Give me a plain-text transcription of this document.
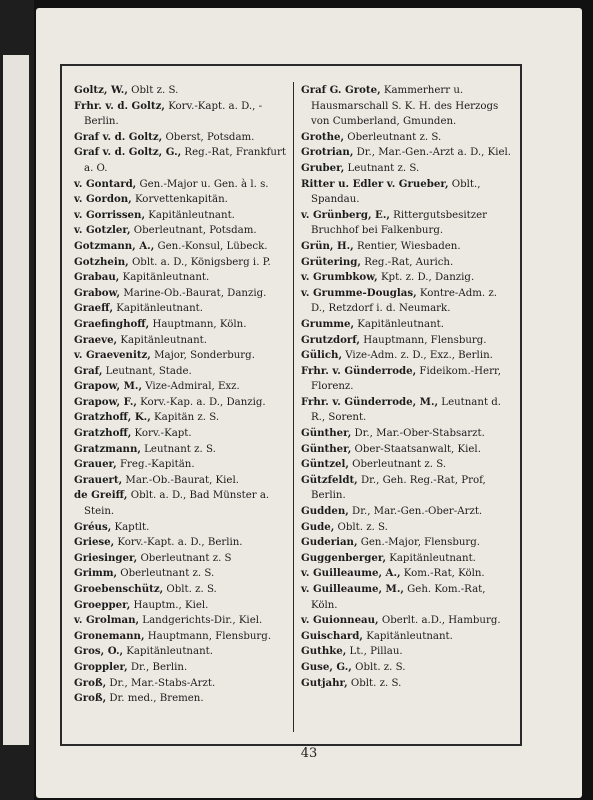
Goltz, W., Oblt z. S.

Frhr. v. d. Goltz, Korv.-Kapt. a. D., - Berlin.

Graf v. d. Goltz, Oberst, Potsdam.

Graf v. d. Goltz, G., Reg.-Rat, Frankfurt a. O.

v. Gontard, Gen.-Major u. Gen. à l. s.

v. Gordon, Korvettenkapitän.

v. Gorrissen, Kapitänleutnant.

v. Gotzler, Oberleutnant, Potsdam.

Gotzmann, A., Gen.-Konsul, Lübeck.

Gotzhein, Oblt. a. D., Königsberg i. P.

Grabau, Kapitänleutnant.

Grabow, Marine-Ob.-Baurat, Danzig.

Graeff, Kapitänleutnant.

Graefinghoff, Hauptmann, Köln.

Graeve, Kapitänleutnant.

v. Graevenitz, Major, Sonderburg.

Graf, Leutnant, Stade.

Grapow, M., Vize-Admiral, Exz.

Grapow, F., Korv.-Kap. a. D., Danzig.

Gratzhoff, K., Kapitän z. S.

Gratzhoff, Korv.-Kapt.

Gratzmann, Leutnant z. S.

Grauer, Freg.-Kapitän.

Grauert, Mar.-Ob.-Baurat, Kiel.

de Greiff, Oblt. a. D., Bad Münster a. Stein.

Gréus, Kaptlt.

Griese, Korv.-Kapt. a. D., Berlin.

Griesinger, Oberleutnant z. S

Grimm, Oberleutnant z. S.

Groebenschütz, Oblt. z. S.

Groepper, Hauptm., Kiel.

v. Grolman, Landgerichts-Dir., Kiel.

Gronemann, Hauptmann, Flensburg.

Gros, O., Kapitänleutnant.

Groppler, Dr., Berlin.

Groß, Dr., Mar.-Stabs-Arzt.

Groß, Dr. med., Bremen.

Graf G. Grote, Kammerherr u. Hausmarschall S. K. H. des Herzogs von Cumberland, Gmunden.

Grothe, Oberleutnant z. S.

Grotrian, Dr., Mar.-Gen.-Arzt a. D., Kiel.

Gruber, Leutnant z. S.

Ritter u. Edler v. Grueber, Oblt., Spandau.

v. Grünberg, E., Rittergutsbesitzer Bruchhof bei Falkenburg.

Grün, H., Rentier, Wiesbaden.

Grütering, Reg.-Rat, Aurich.

v. Grumbkow, Kpt. z. D., Danzig.

v. Grumme-Douglas, Kontre-Adm. z. D., Retzdorf i. d. Neumark.

Grumme, Kapitänleutnant.

Grutzdorf, Hauptmann, Flensburg.

Gülich, Vize-Adm. z. D., Exz., Berlin.

Frhr. v. Günderrode, Fideikom.-Herr, Florenz.

Frhr. v. Günderrode, M., Leutnant d. R., Sorent.

Günther, Dr., Mar.-Ober-Stabsarzt.

Günther, Ober-Staatsanwalt, Kiel.

Güntzel, Oberleutnant z. S.

Gützfeldt, Dr., Geh. Reg.-Rat, Prof, Berlin.

Gudden, Dr., Mar.-Gen.-Ober-Arzt.

Gude, Oblt. z. S.

Guderian, Gen.-Major, Flensburg.

Guggenberger, Kapitänleutnant.

v. Guilleaume, A., Kom.-Rat, Köln.

v. Guilleaume, M., Geh. Kom.-Rat, Köln.

v. Guionneau, Oberlt. a.D., Hamburg.

Guischard, Kapitänleutnant.

Guthke, Lt., Pillau.

Guse, G., Oblt. z. S.

Gutjahr, Oblt. z. S.

43
